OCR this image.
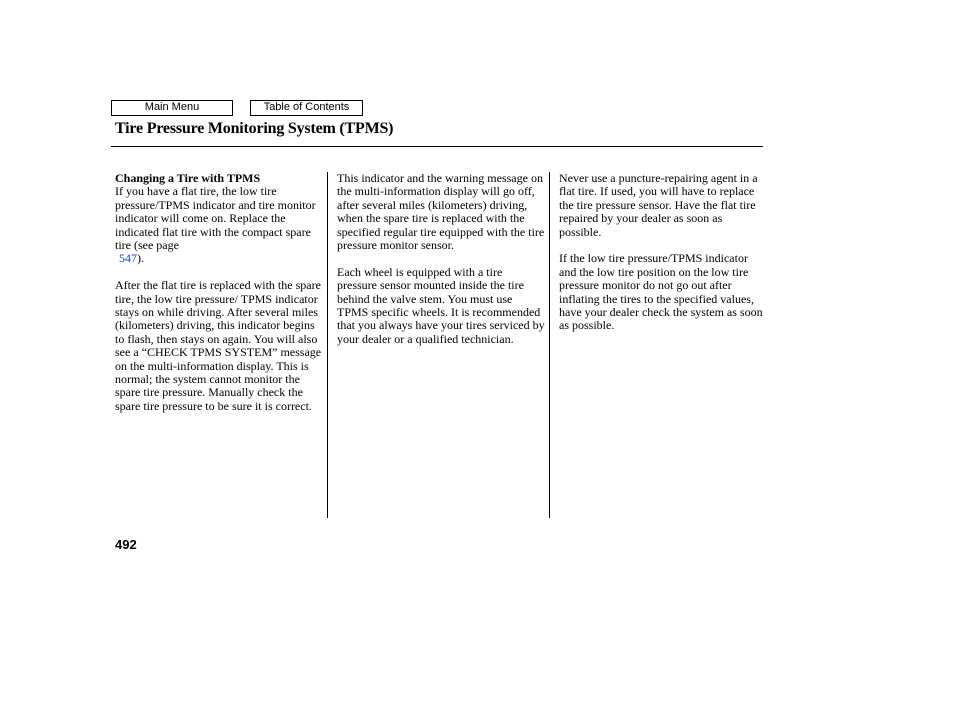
Main Menu	Table of Contents
Tire Pressure Monitoring System (TPMS)

Changing a Tire with TPMS
If you have a flat tire, the low tire pressure/TPMS indicator and tire monitor indicator will come on. Replace the indicated flat tire with the compact spare tire (see page
547).

After the flat tire is replaced with the spare tire, the low tire pressure/ TPMS indicator stays on while driving. After several miles (kilometers) driving, this indicator begins to flash, then stays on again. You will also see a “CHECK TPMS SYSTEM” message on the multi-information display. This is normal; the system cannot monitor the spare tire pressure. Manually check the spare tire pressure to be sure it is correct.

This indicator and the warning message on the multi-information display will go off, after several miles (kilometers) driving, when the spare tire is replaced with the specified regular tire equipped with the tire pressure monitor sensor.

Each wheel is equipped with a tire pressure sensor mounted inside the tire behind the valve stem. You must use TPMS specific wheels. It is recommended that you always have your tires serviced by your dealer or a qualified technician.

Never use a puncture-repairing agent in a flat tire. If used, you will have to replace the tire pressure sensor. Have the flat tire repaired by your dealer as soon as possible.

If the low tire pressure/TPMS indicator and the low tire position on the low tire pressure monitor do not go out after inflating the tires to the specified values, have your dealer check the system as soon as possible.

492
